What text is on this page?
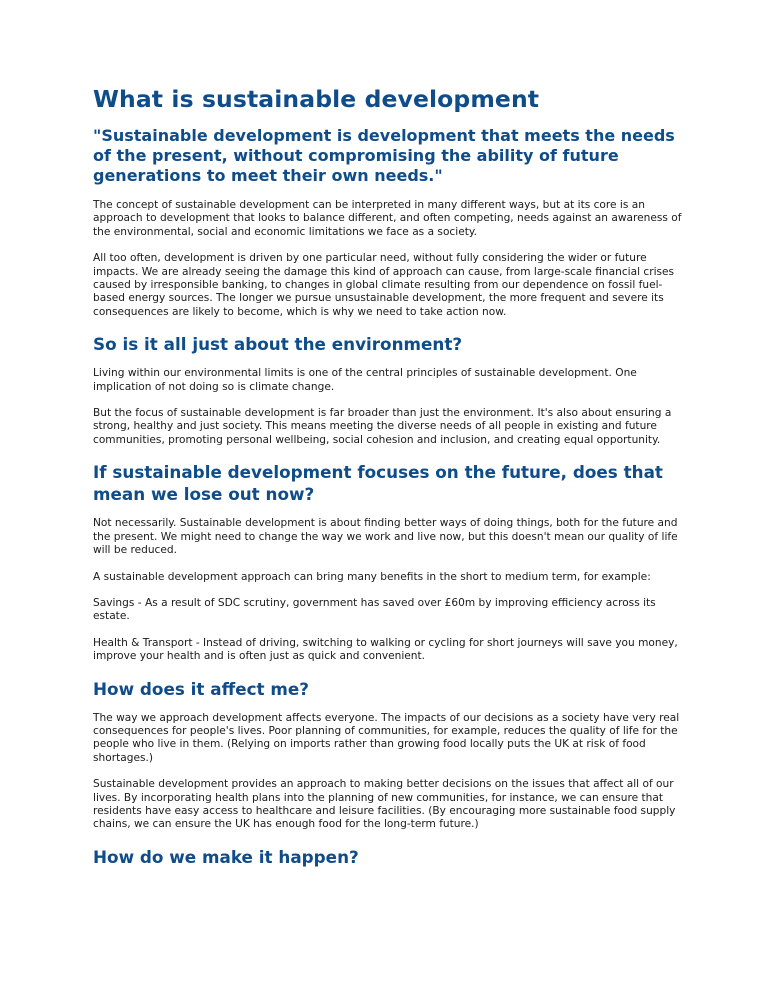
What is sustainable development
"Sustainable development is development that meets the needs of the present, without compromising the ability of future generations to meet their own needs."

The concept of sustainable development can be interpreted in many different ways, but at its core is an approach to development that looks to balance different, and often competing, needs against an awareness of the environmental, social and economic limitations we face as a society.

All too often, development is driven by one particular need, without fully considering the wider or future impacts. We are already seeing the damage this kind of approach can cause, from large-scale financial crises caused by irresponsible banking, to changes in global climate resulting from our dependence on fossil fuel-based energy sources. The longer we pursue unsustainable development, the more frequent and severe its consequences are likely to become, which is why we need to take action now.

So is it all just about the environment?

Living within our environmental limits is one of the central principles of sustainable development. One implication of not doing so is climate change.

But the focus of sustainable development is far broader than just the environment. It's also about ensuring a strong, healthy and just society. This means meeting the diverse needs of all people in existing and future communities, promoting personal wellbeing, social cohesion and inclusion, and creating equal opportunity.

If sustainable development focuses on the future, does that mean we lose out now?

Not necessarily. Sustainable development is about finding better ways of doing things, both for the future and the present. We might need to change the way we work and live now, but this doesn't mean our quality of life will be reduced.

A sustainable development approach can bring many benefits in the short to medium term, for example:

Savings - As a result of SDC scrutiny, government has saved over £60m by improving efficiency across its estate.

Health & Transport - Instead of driving, switching to walking or cycling for short journeys will save you money, improve your health and is often just as quick and convenient.

How does it affect me?

The way we approach development affects everyone. The impacts of our decisions as a society have very real consequences for people's lives. Poor planning of communities, for example, reduces the quality of life for the people who live in them. (Relying on imports rather than growing food locally puts the UK at risk of food shortages.)

Sustainable development provides an approach to making better decisions on the issues that affect all of our lives. By incorporating health plans into the planning of new communities, for instance, we can ensure that residents have easy access to healthcare and leisure facilities. (By encouraging more sustainable food supply chains, we can ensure the UK has enough food for the long-term future.)

How do we make it happen?
